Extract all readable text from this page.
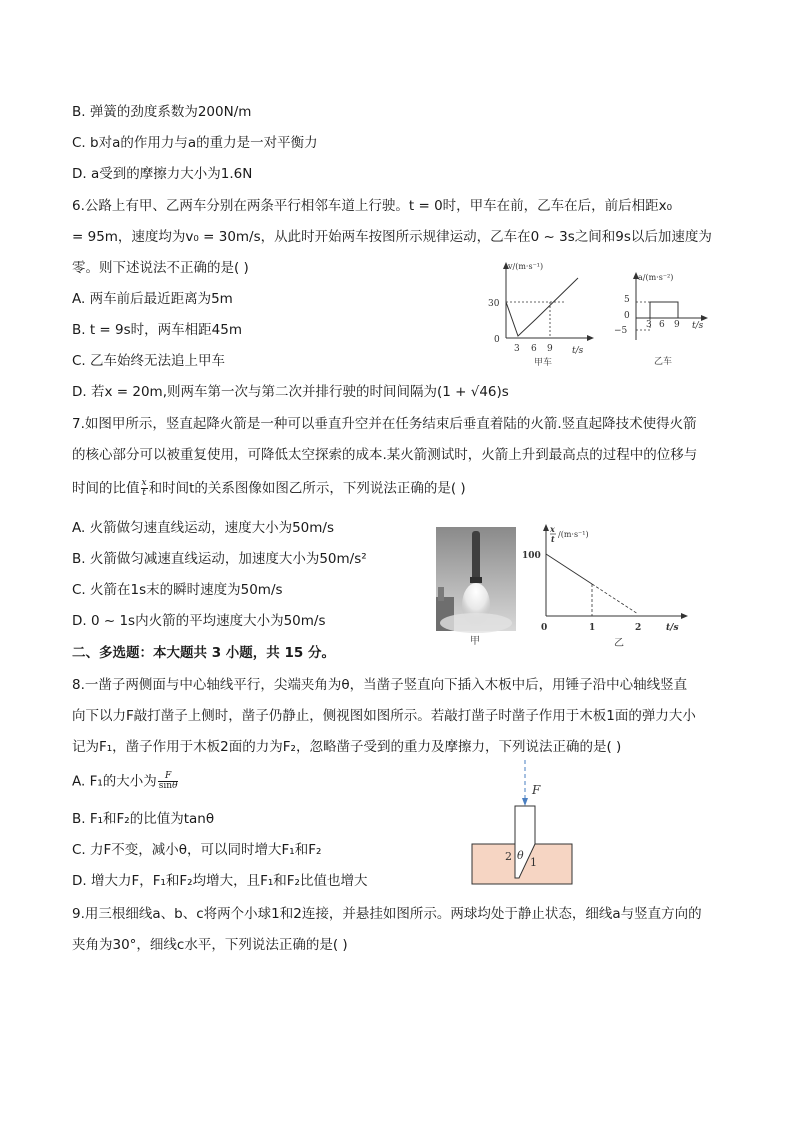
B. 弹簧的劲度系数为200N/m
C. b对a的作用力与a的重力是一对平衡力
D. a受到的摩擦力大小为1.6N
6.公路上有甲、乙两车分别在两条平行相邻车道上行驶。t = 0时，甲车在前，乙车在后，前后相距x₀
= 95m，速度均为v₀ = 30m/s，从此时开始两车按图所示规律运动，乙车在0 ~ 3s之间和9s以后加速度为
零。则下述说法不正确的是( )
A. 两车前后最近距离为5m
B. t = 9s时，两车相距45m
C. 乙车始终无法追上甲车
D. 若x = 20m,则两车第一次与第二次并排行驶的时间间隔为(1 + √46)s
v/(m·s⁻¹)
t/s
30
0
3 6 9
甲车
a/(m·s⁻²)
t/s
5
0
−5
3 6 9
乙车
7.如图甲所示，竖直起降火箭是一种可以垂直升空并在任务结束后垂直着陆的火箭.竖直起降技术使得火箭
的核心部分可以被重复使用，可降低太空探索的成本.某火箭测试时，火箭上升到最高点的过程中的位移与
时间的比值 $\frac{x}{t}$ 和时间t的关系图像如图乙所示，下列说法正确的是( )
A. 火箭做匀速直线运动，速度大小为50m/s
B. 火箭做匀减速直线运动，加速度大小为50m/s²
C. 火箭在1s末的瞬时速度为50m/s
D. 0 ~ 1s内火箭的平均速度大小为50m/s
甲
x
t /(m·s⁻¹)
x/t/(m·s⁻¹)
100
0	1	2	t/s
乙
二、多选题：本大题共 3 小题，共 15 分。
8.一凿子两侧面与中心轴线平行，尖端夹角为θ，当凿子竖直向下插入木板中后，用锤子沿中心轴线竖直
向下以力F敲打凿子上侧时，凿子仍静止，侧视图如图所示。若敲打凿子时凿子作用于木板1面的弹力大小
记为F₁，凿子作用于木板2面的力为F₂，忽略凿子受到的重力及摩擦力，下列说法正确的是( )
A. F₁的大小为 $\frac{F}{\sin\theta}$
B. F₁和F₂的比值为tanθ
C. 力F不变，减小θ，可以同时增大F₁和F₂
D. 增大力F，F₁和F₂均增大，且F₁和F₂比值也增大
F
2 θ
1
9.用三根细线a、b、c将两个小球1和2连接，并悬挂如图所示。两球均处于静止状态，细线a与竖直方向的
夹角为30°，细线c水平，下列说法正确的是( )
